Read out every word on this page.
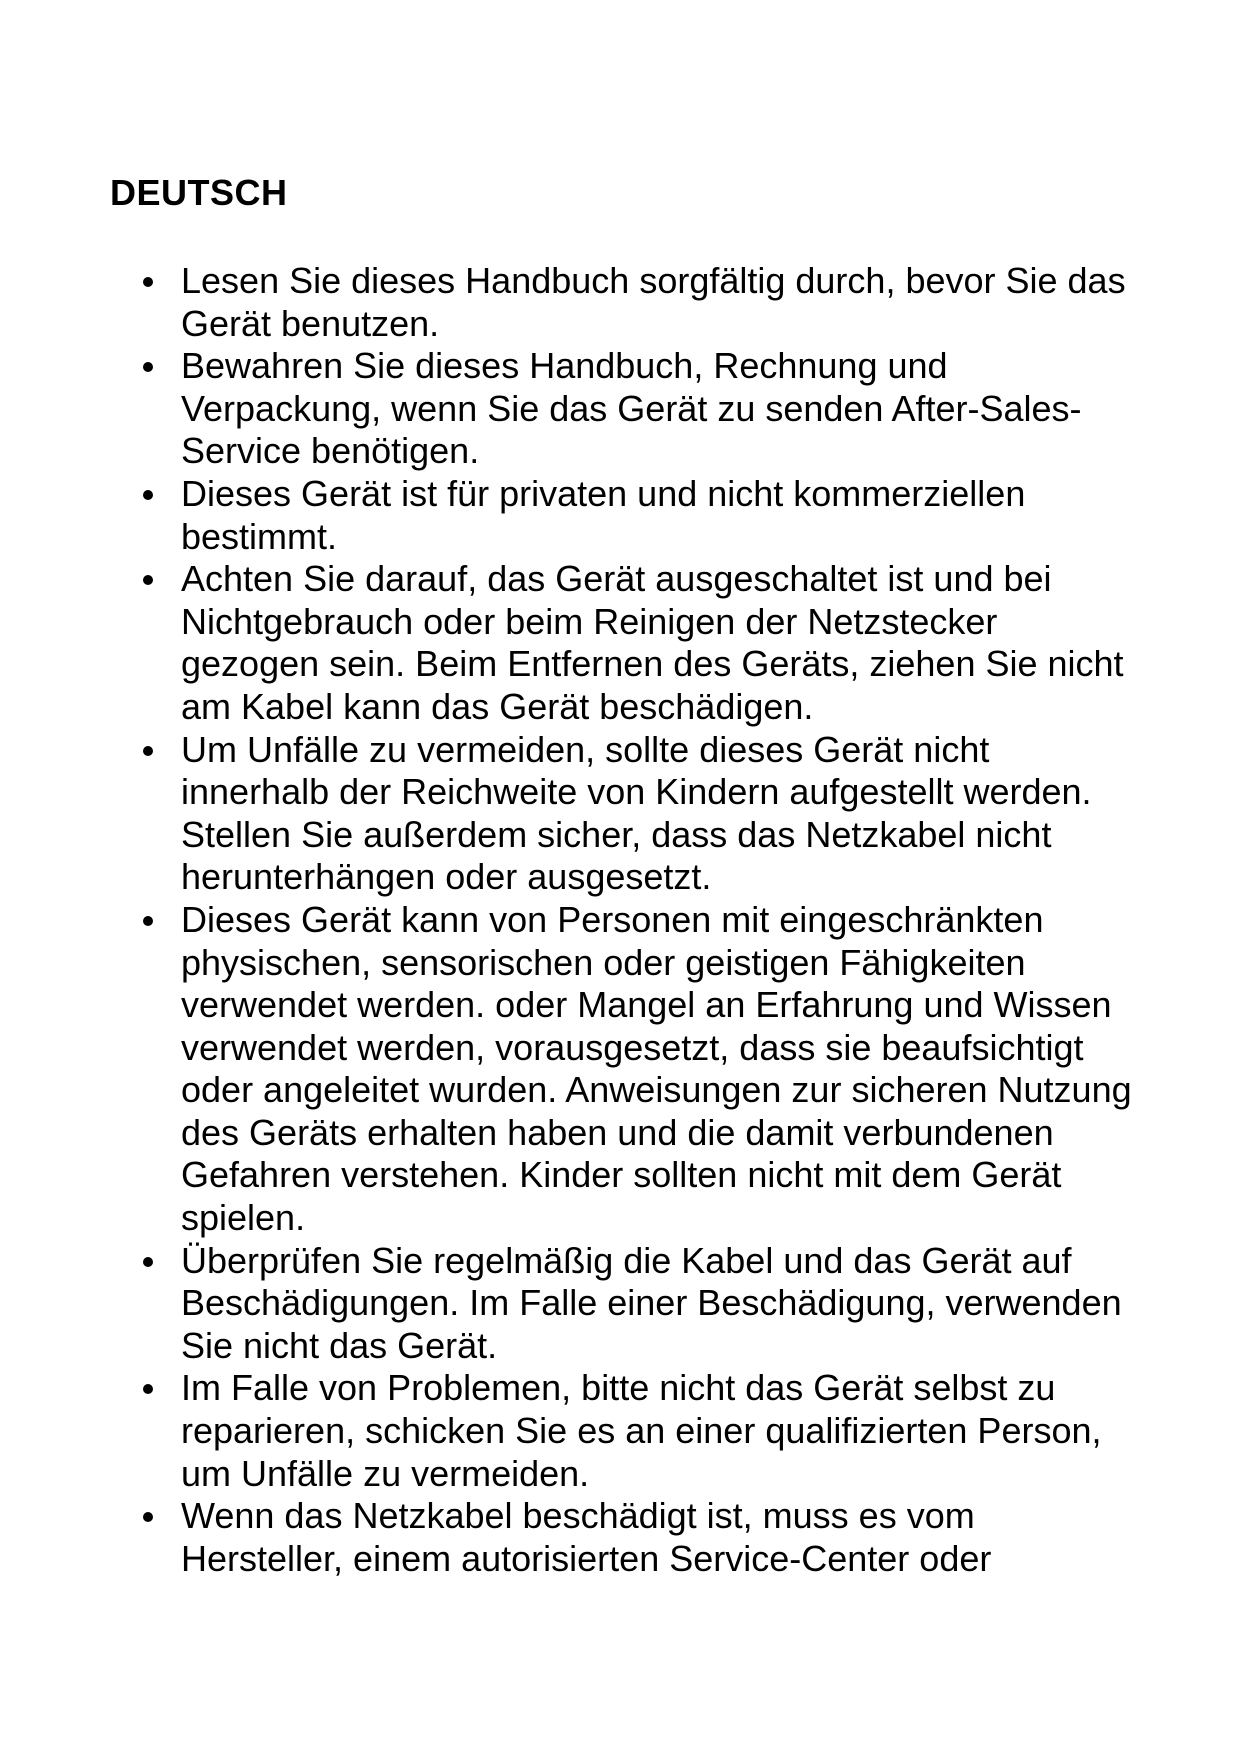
DEUTSCH
Lesen Sie dieses Handbuch sorgfältig durch, bevor Sie das Gerät benutzen.
Bewahren Sie dieses Handbuch, Rechnung und Verpackung, wenn Sie das Gerät zu senden After-Sales-Service benötigen.
Dieses Gerät ist für privaten und nicht kommerziellen bestimmt.
Achten Sie darauf, das Gerät ausgeschaltet ist und bei Nichtgebrauch oder beim Reinigen der Netzstecker gezogen sein. Beim Entfernen des Geräts, ziehen Sie nicht am Kabel kann das Gerät beschädigen.
Um Unfälle zu vermeiden, sollte dieses Gerät nicht innerhalb der Reichweite von Kindern aufgestellt werden. Stellen Sie außerdem sicher, dass das Netzkabel nicht herunterhängen oder ausgesetzt.
Dieses Gerät kann von Personen mit eingeschränkten physischen, sensorischen oder geistigen Fähigkeiten verwendet werden. oder Mangel an Erfahrung und Wissen verwendet werden, vorausgesetzt, dass sie beaufsichtigt oder angeleitet wurden. Anweisungen zur sicheren Nutzung des Geräts erhalten haben und die damit verbundenen Gefahren verstehen. Kinder sollten nicht mit dem Gerät spielen.
Überprüfen Sie regelmäßig die Kabel und das Gerät auf Beschädigungen. Im Falle einer Beschädigung, verwenden Sie nicht das Gerät.
Im Falle von Problemen, bitte nicht das Gerät selbst zu reparieren, schicken Sie es an einer qualifizierten Person, um Unfälle zu vermeiden.
Wenn das Netzkabel beschädigt ist, muss es vom Hersteller, einem autorisierten Service-Center oder
